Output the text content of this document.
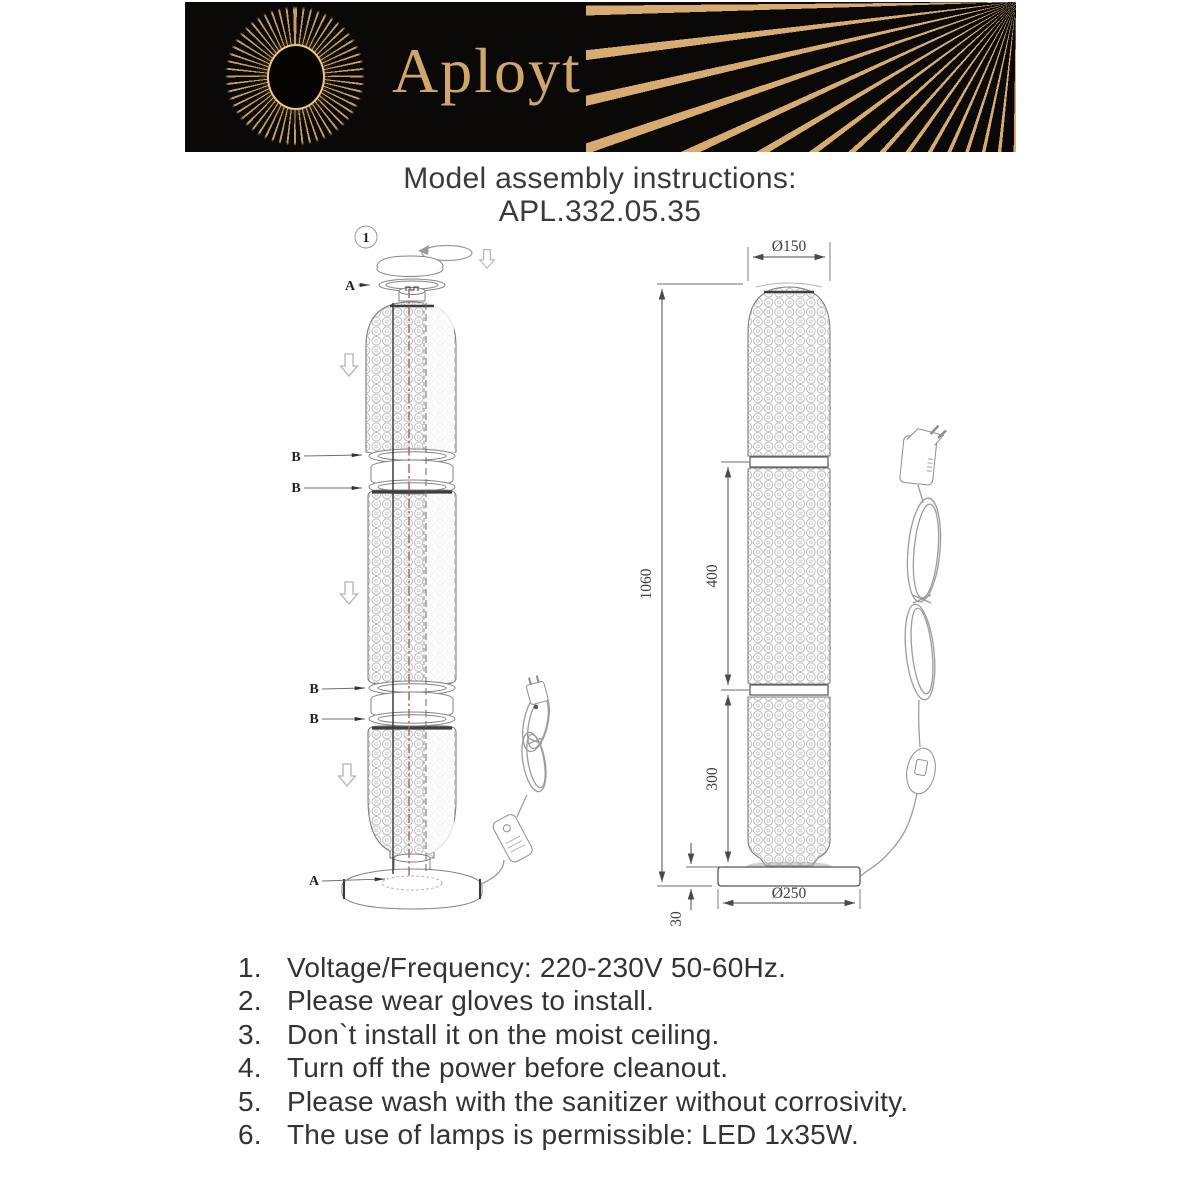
Aployt
Model assembly instructions:
APL.332.05.35
1
A
B
B
B
B
A
Ø150
1060	400
300
30
Ø250
1. Voltage/Frequency: 220-230V 50-60Hz.
2. Please wear gloves to install.
3. Don`t install it on the moist ceiling.
4. Turn off the power before cleanout.
5. Please wash with the sanitizer without corrosivity.
6. The use of lamps is permissible: LED 1x35W.
